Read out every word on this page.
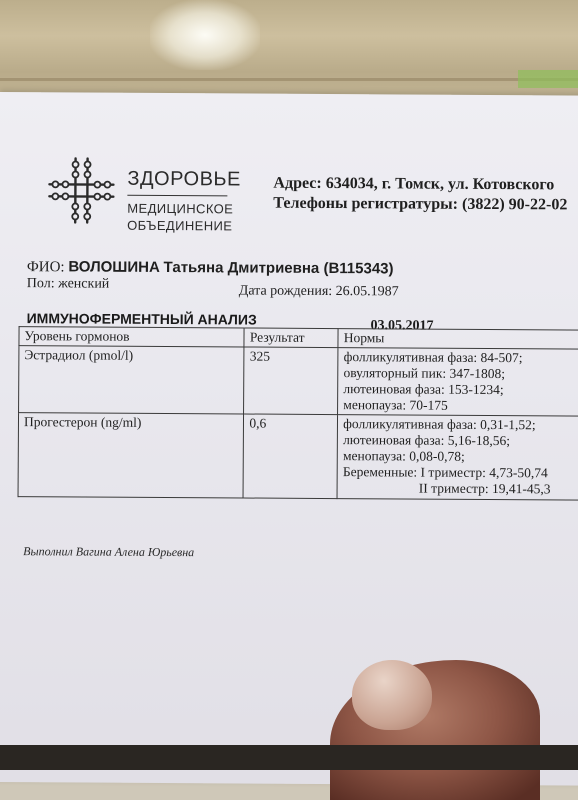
ЗДОРОВЬЕ
МЕДИЦИНСКОЕ
ОБЪЕДИНЕНИЕ
Адрес: 634034, г. Томск, ул. Котовского
Телефоны регистратуры: (3822) 90-22-02
ФИО: ВОЛОШИНА Татьяна Дмитриевна (В115343)
Пол: женский	Дата рождения: 26.05.1987
ИММУНОФЕРМЕНТНЫЙ АНАЛИЗ	03.05.2017
Уровень гормонов	Результат	Нормы
Эстрадиол (pmol/l)	325	фолликулятивная фаза: 84-507;
овуляторный пик: 347-1808;
лютеиновая фаза: 153-1234;
менопауза: 70-175

Прогестерон (ng/ml)	0,6	фолликулятивная фаза: 0,31-1,52;
лютеиновая фаза: 5,16-18,56;
менопауза: 0,08-0,78;
Беременные: I триместр: 4,73-50,74
II триместр: 19,41-45,3
Выполнил Вагина Алена Юрьевна
